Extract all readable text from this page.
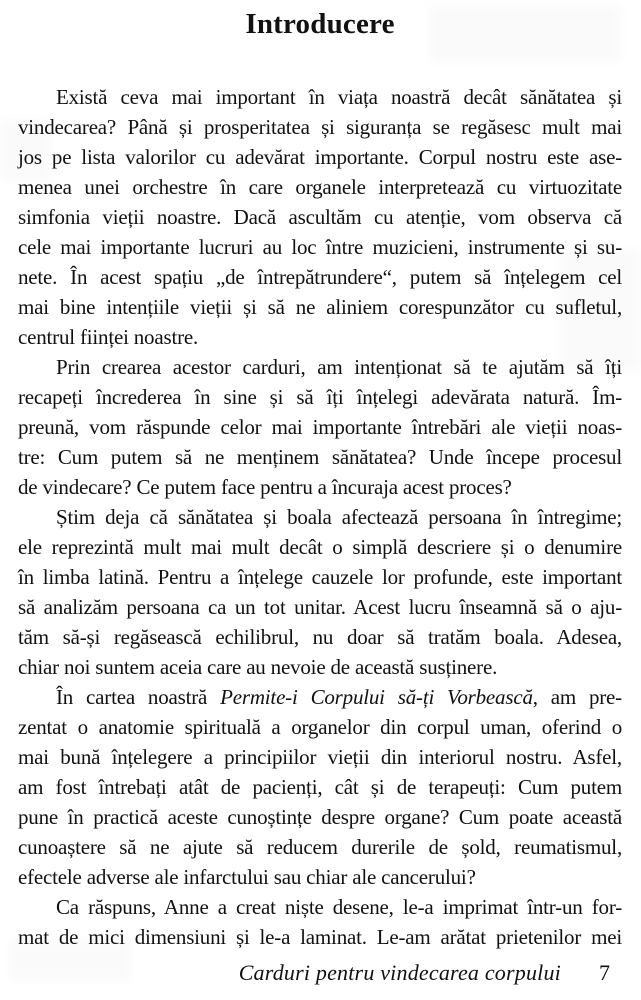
Introducere
Există ceva mai important în viața noastră decât sănătatea și
vindecarea? Până și prosperitatea și siguranța se regăsesc mult mai
jos pe lista valorilor cu adevărat importante. Corpul nostru este ase-
menea unei orchestre în care organele interpretează cu virtuozitate
simfonia vieții noastre. Dacă ascultăm cu atenție, vom observa că
cele mai importante lucruri au loc între muzicieni, instrumente și su-
nete. În acest spațiu „de întrepătrundere“, putem să înțelegem cel
mai bine intențiile vieții și să ne aliniem corespunzător cu sufletul,
centrul ființei noastre.
Prin crearea acestor carduri, am intenționat să te ajutăm să îți
recapeți încrederea în sine și să îți înțelegi adevărata natură. Îm-
preună, vom răspunde celor mai importante întrebări ale vieții noas-
tre: Cum putem să ne menținem sănătatea? Unde începe procesul
de vindecare? Ce putem face pentru a încuraja acest proces?
Știm deja că sănătatea și boala afectează persoana în întregime;
ele reprezintă mult mai mult decât o simplă descriere și o denumire
în limba latină. Pentru a înțelege cauzele lor profunde, este important
să analizăm persoana ca un tot unitar. Acest lucru înseamnă să o aju-
tăm să-și regăsească echilibrul, nu doar să tratăm boala. Adesea,
chiar noi suntem aceia care au nevoie de această susținere.
În cartea noastră Permite-i Corpului să-ți Vorbească, am pre-
zentat o anatomie spirituală a organelor din corpul uman, oferind o
mai bună înțelegere a principiilor vieții din interiorul nostru. Asfel,
am fost întrebați atât de pacienți, cât și de terapeuți: Cum putem
pune în practică aceste cunoștințe despre organe? Cum poate această
cunoaștere să ne ajute să reducem durerile de șold, reumatismul,
efectele adverse ale infarctului sau chiar ale cancerului?
Ca răspuns, Anne a creat niște desene, le-a imprimat într-un for-
mat de mici dimensiuni și le-a laminat. Le-am arătat prietenilor mei
Carduri pentru vindecarea corpului 7
